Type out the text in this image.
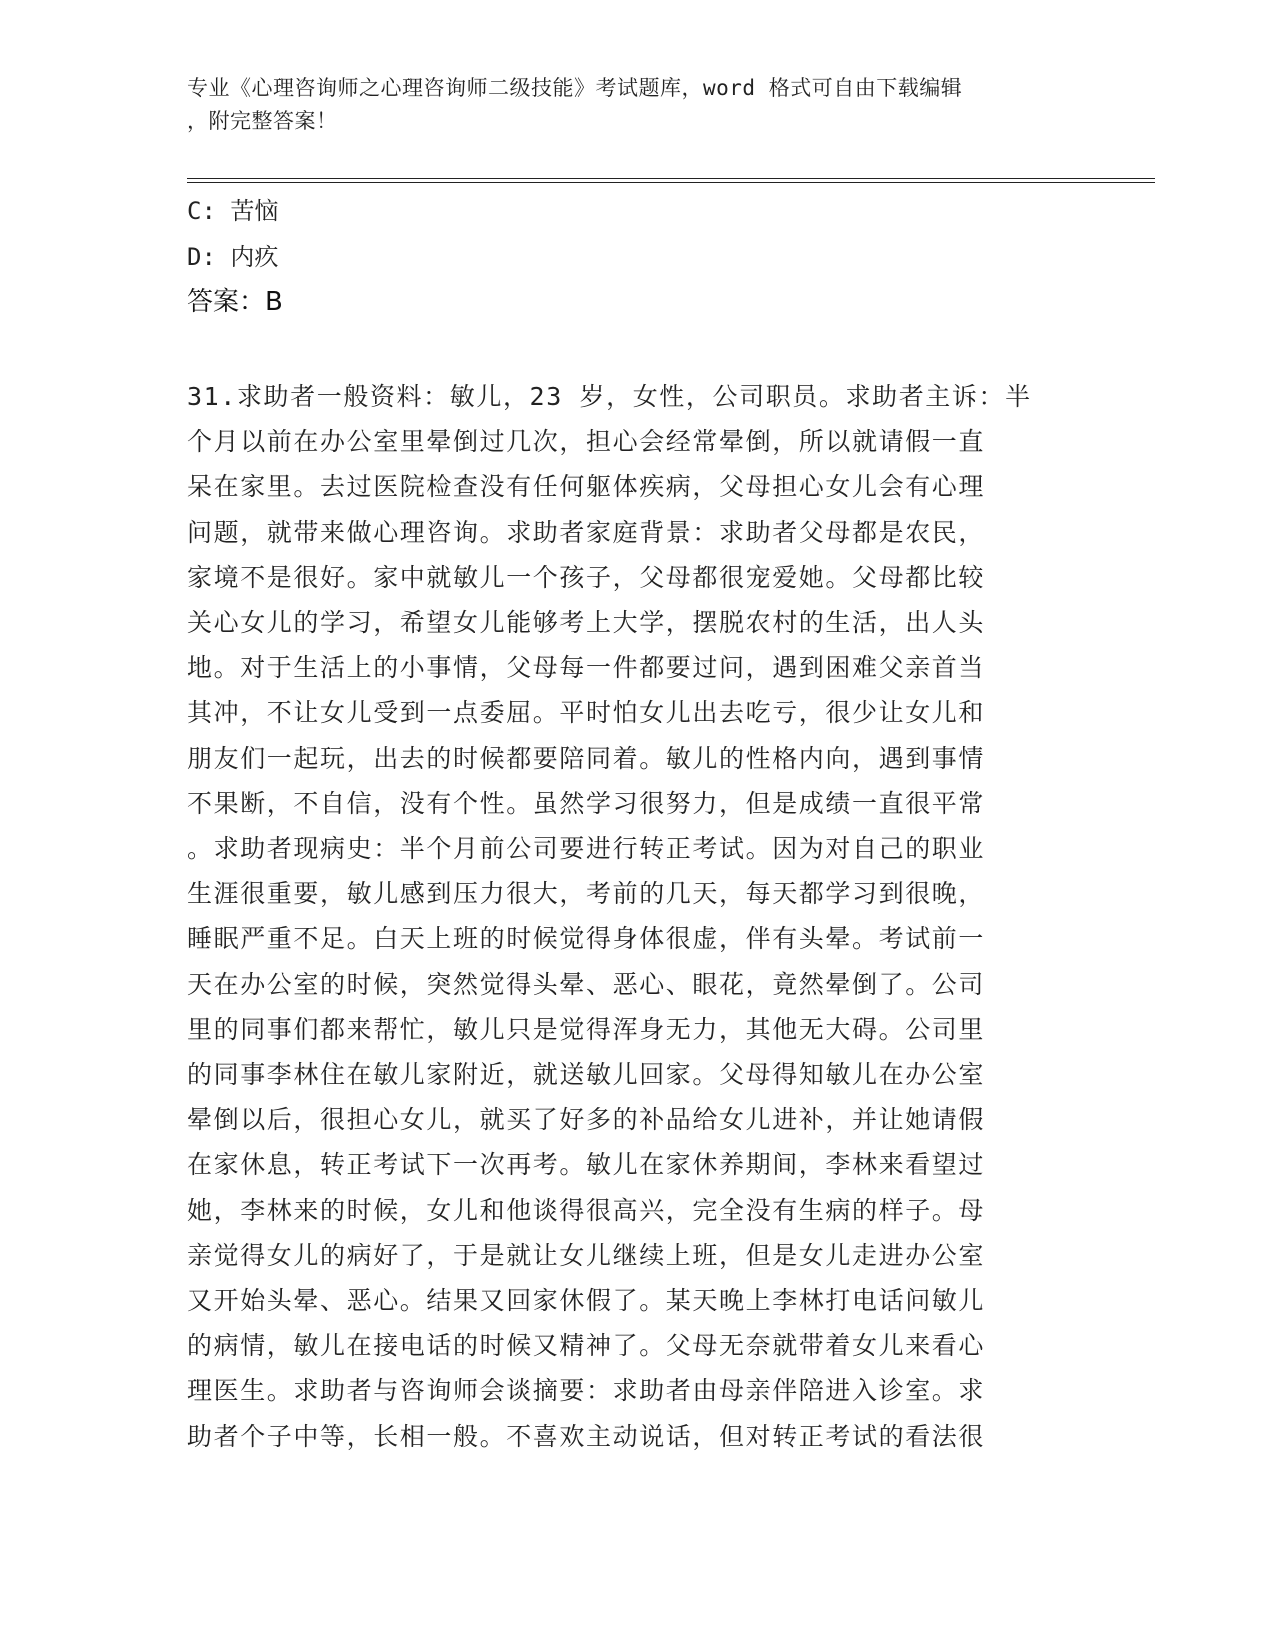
专业《心理咨询师之心理咨询师二级技能》考试题库，word 格式可自由下载编辑
，附完整答案！
C: 苦恼
D: 内疚
答案：B
31.求助者一般资料：敏儿，23 岁，女性，公司职员。求助者主诉：半
个月以前在办公室里晕倒过几次，担心会经常晕倒，所以就请假一直
呆在家里。去过医院检查没有任何躯体疾病，父母担心女儿会有心理
问题，就带来做心理咨询。求助者家庭背景：求助者父母都是农民，
家境不是很好。家中就敏儿一个孩子，父母都很宠爱她。父母都比较
关心女儿的学习，希望女儿能够考上大学，摆脱农村的生活，出人头
地。对于生活上的小事情，父母每一件都要过问，遇到困难父亲首当
其冲，不让女儿受到一点委屈。平时怕女儿出去吃亏，很少让女儿和
朋友们一起玩，出去的时候都要陪同着。敏儿的性格内向，遇到事情
不果断，不自信，没有个性。虽然学习很努力，但是成绩一直很平常
。求助者现病史：半个月前公司要进行转正考试。因为对自己的职业
生涯很重要，敏儿感到压力很大，考前的几天，每天都学习到很晚，
睡眠严重不足。白天上班的时候觉得身体很虚，伴有头晕。考试前一
天在办公室的时候，突然觉得头晕、恶心、眼花，竟然晕倒了。公司
里的同事们都来帮忙，敏儿只是觉得浑身无力，其他无大碍。公司里
的同事李林住在敏儿家附近，就送敏儿回家。父母得知敏儿在办公室
晕倒以后，很担心女儿，就买了好多的补品给女儿进补，并让她请假
在家休息，转正考试下一次再考。敏儿在家休养期间，李林来看望过
她，李林来的时候，女儿和他谈得很高兴，完全没有生病的样子。母
亲觉得女儿的病好了，于是就让女儿继续上班，但是女儿走进办公室
又开始头晕、恶心。结果又回家休假了。某天晚上李林打电话问敏儿
的病情，敏儿在接电话的时候又精神了。父母无奈就带着女儿来看心
理医生。求助者与咨询师会谈摘要：求助者由母亲伴陪进入诊室。求
助者个子中等，长相一般。不喜欢主动说话，但对转正考试的看法很
